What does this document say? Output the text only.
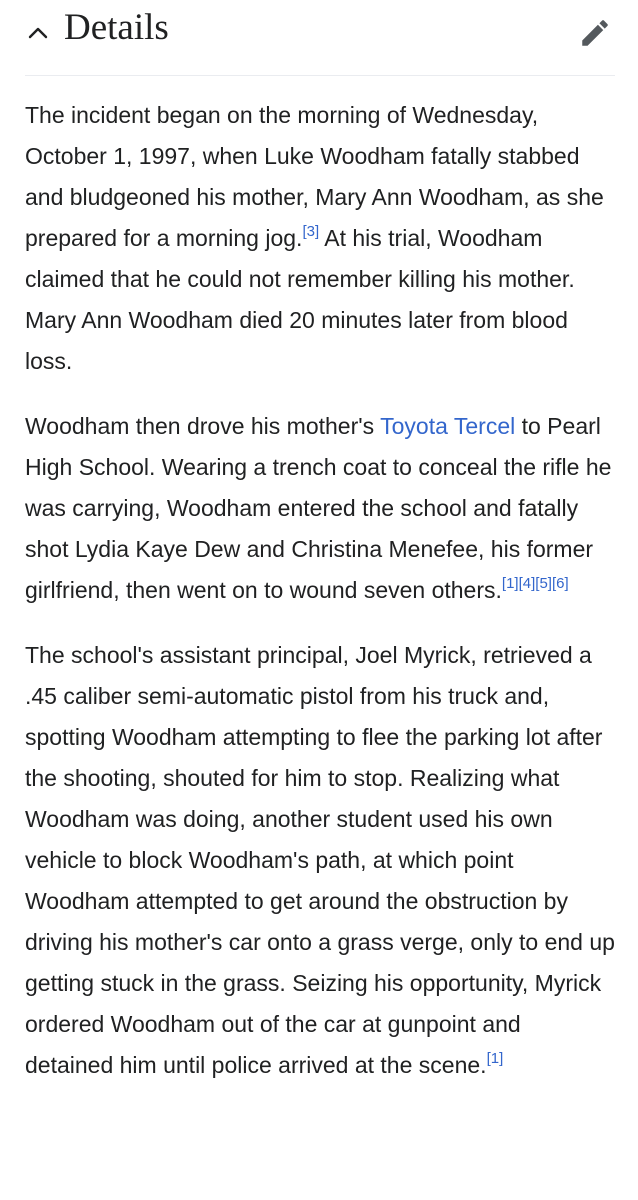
Details

The incident began on the morning of Wednesday, October 1, 1997, when Luke Woodham fatally stabbed and bludgeoned his mother, Mary Ann Woodham, as she prepared for a morning jog.[3] At his trial, Woodham claimed that he could not remember killing his mother. Mary Ann Woodham died 20 minutes later from blood loss.

Woodham then drove his mother's Toyota Tercel to Pearl High School. Wearing a trench coat to conceal the rifle he was carrying, Woodham entered the school and fatally shot Lydia Kaye Dew and Christina Menefee, his former girlfriend, then went on to wound seven others.[1][4][5][6]

The school's assistant principal, Joel Myrick, retrieved a .45 caliber semi-automatic pistol from his truck and, spotting Woodham attempting to flee the parking lot after the shooting, shouted for him to stop. Realizing what Woodham was doing, another student used his own vehicle to block Woodham's path, at which point Woodham attempted to get around the obstruction by driving his mother's car onto a grass verge, only to end up getting stuck in the grass. Seizing his opportunity, Myrick ordered Woodham out of the car at gunpoint and detained him until police arrived at the scene.[1]
